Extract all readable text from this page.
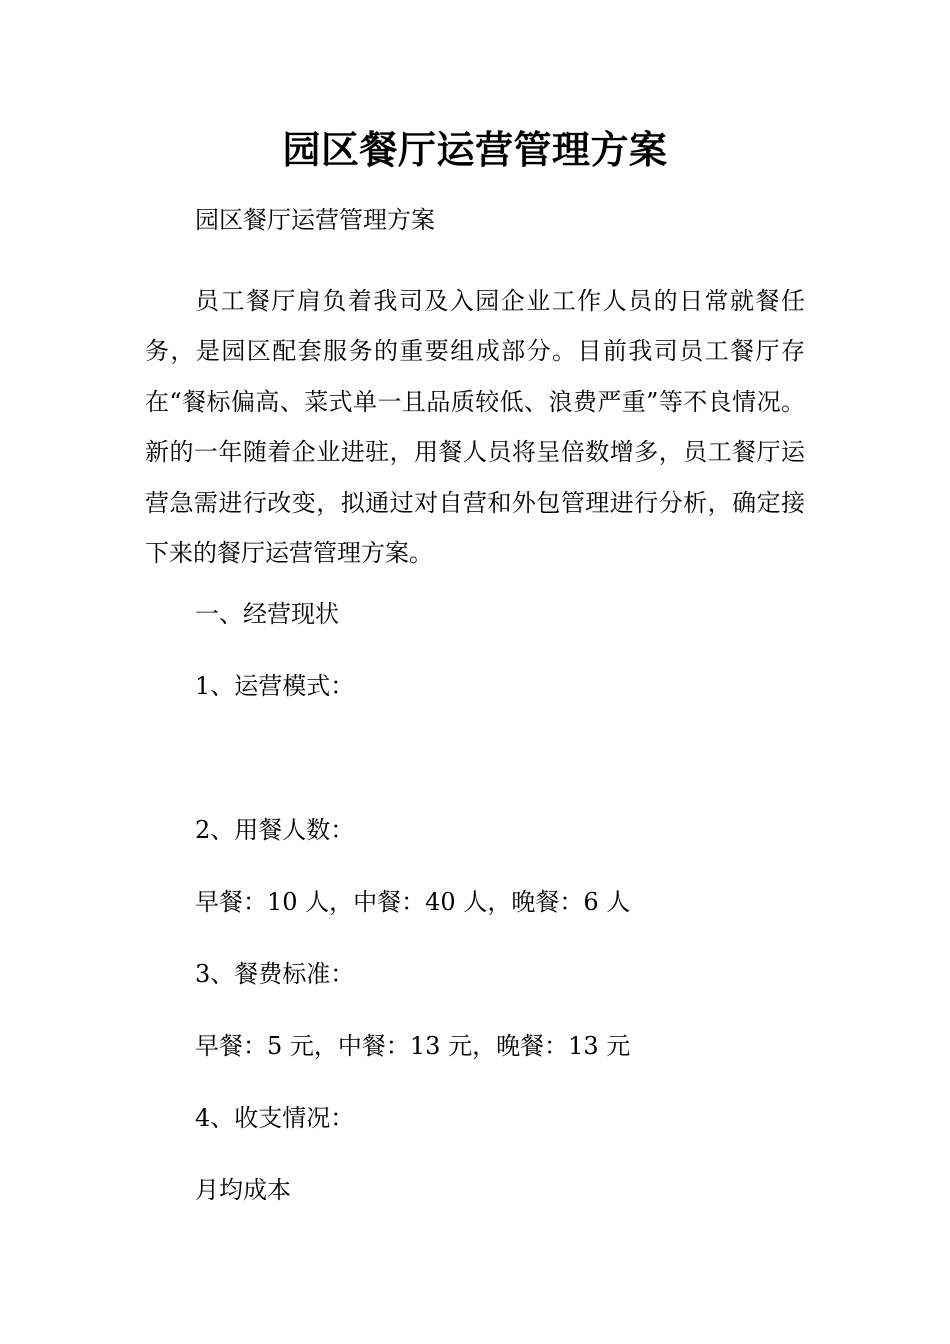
园区餐厅运营管理方案
园区餐厅运营管理方案
员工餐厅肩负着我司及入园企业工作人员的日常就餐任务，是园区配套服务的重要组成部分。目前我司员工餐厅存在“餐标偏高、菜式单一且品质较低、浪费严重”等不良情况。新的一年随着企业进驻，用餐人员将呈倍数增多，员工餐厅运营急需进行改变，拟通过对自营和外包管理进行分析，确定接下来的餐厅运营管理方案。
一、经营现状
1、运营模式：
2、用餐人数：
早餐：10 人，中餐：40 人，晚餐：6 人
3、餐费标准：
早餐：5 元，中餐：13 元，晚餐：13 元
4、收支情况：
月均成本
